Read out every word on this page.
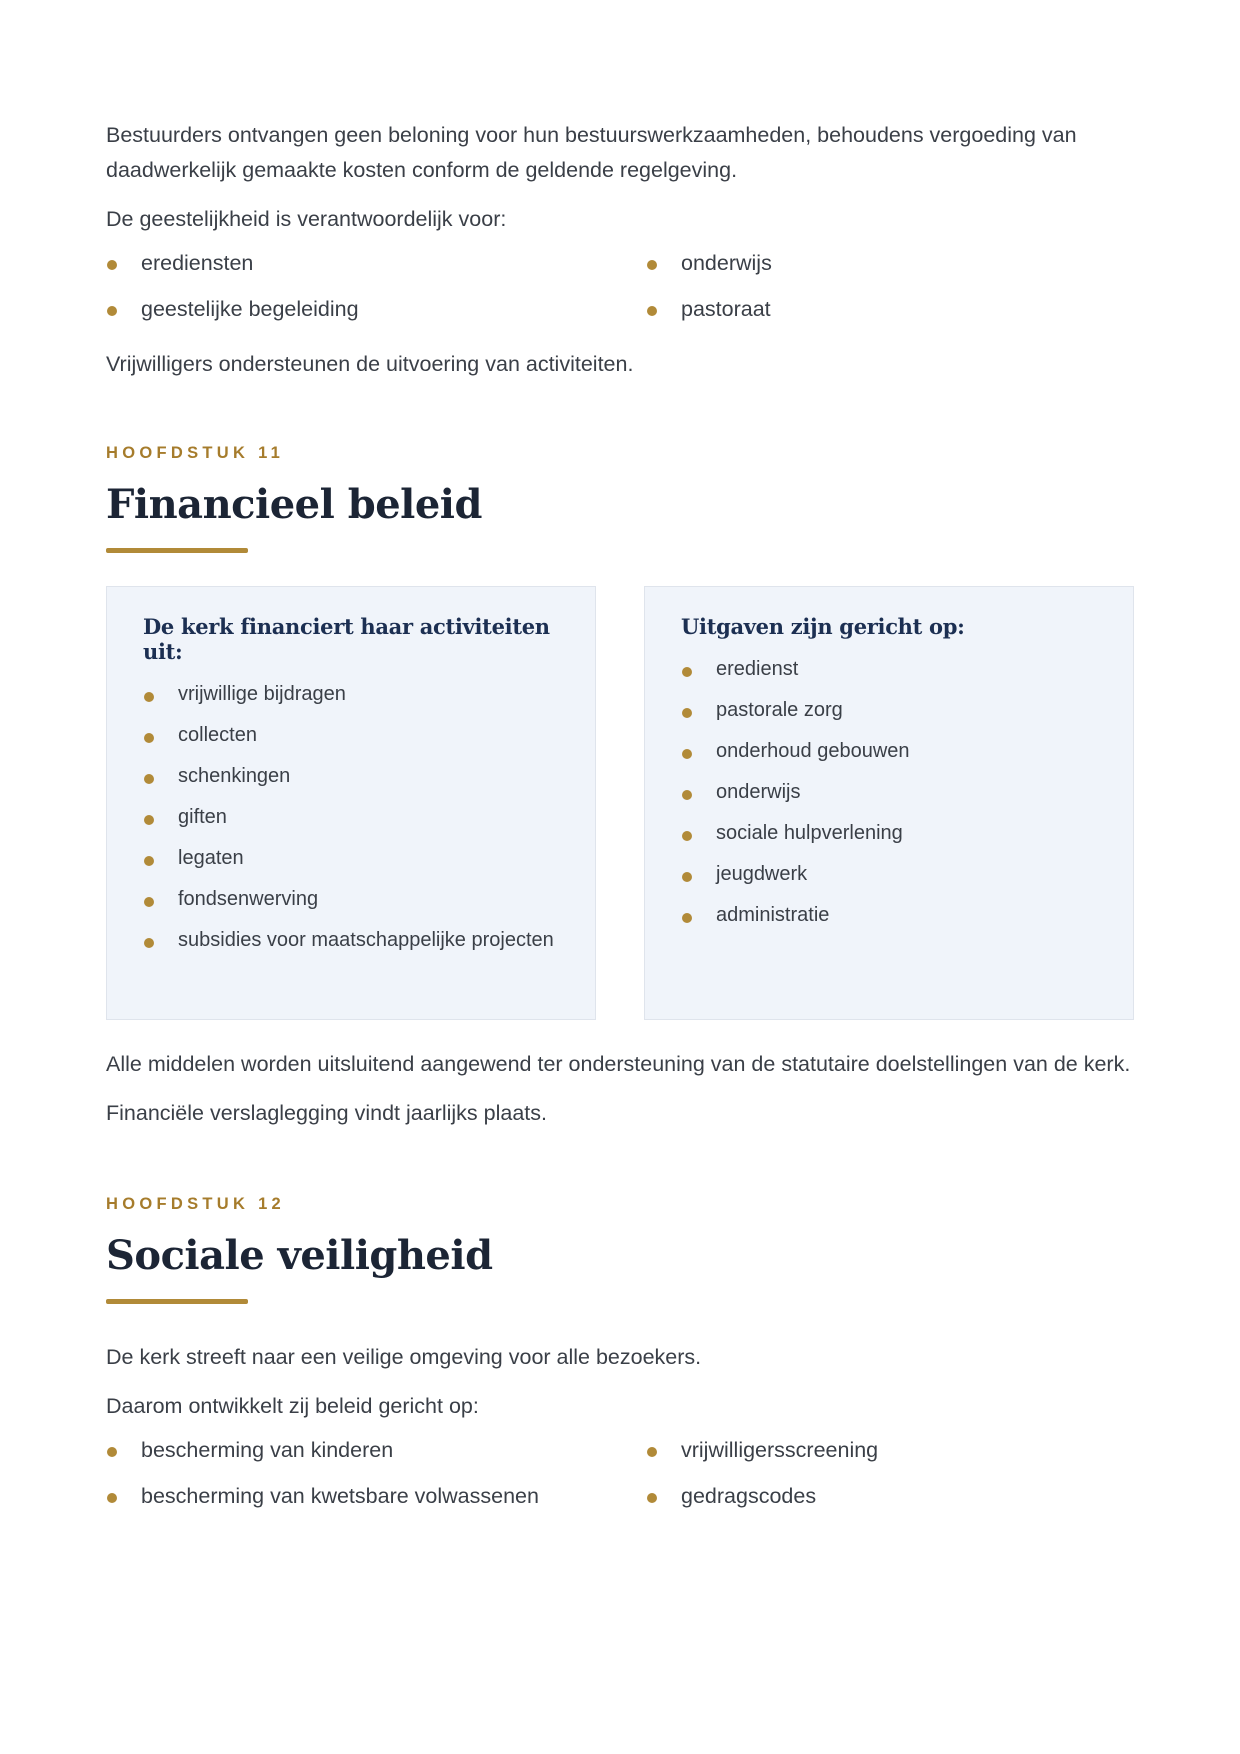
Bestuurders ontvangen geen beloning voor hun bestuurswerkzaamheden, behoudens vergoeding van daadwerkelijk gemaakte kosten conform de geldende regelgeving.

De geestelijkheid is verantwoordelijk voor:

erediensten	onderwijs
geestelijke begeleiding	pastoraat

Vrijwilligers ondersteunen de uitvoering van activiteiten.

HOOFDSTUK 11

Financieel beleid
De kerk financiert haar activiteiten uit:
vrijwillige bijdragen
collecten
schenkingen
giften
legaten
fondsenwerving
subsidies voor maatschappelijke projecten
Uitgaven zijn gericht op:
eredienst
pastorale zorg
onderhoud gebouwen
onderwijs
sociale hulpverlening
jeugdwerk
administratie

Alle middelen worden uitsluitend aangewend ter ondersteuning van de statutaire doelstellingen van de kerk.

Financiële verslaglegging vindt jaarlijks plaats.

HOOFDSTUK 12

Sociale veiligheid

De kerk streeft naar een veilige omgeving voor alle bezoekers.

Daarom ontwikkelt zij beleid gericht op:

bescherming van kinderen	vrijwilligersscreening
bescherming van kwetsbare volwassenen	gedragscodes
